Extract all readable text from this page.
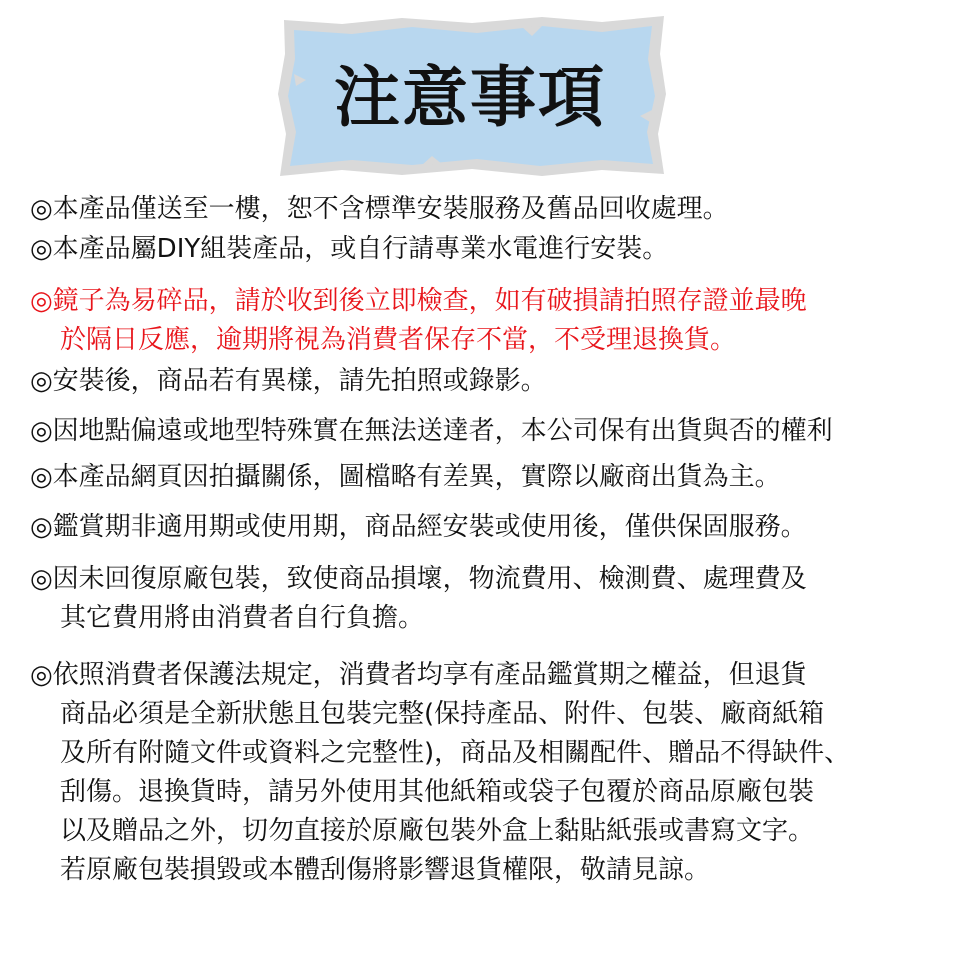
注意事項
◎本產品僅送至一樓，恕不含標準安裝服務及舊品回收處理。
◎本產品屬DIY組裝產品，或自行請專業水電進行安裝。
◎鏡子為易碎品，請於收到後立即檢查，如有破損請拍照存證並最晚
於隔日反應，逾期將視為消費者保存不當，不受理退換貨。
◎安裝後，商品若有異樣，請先拍照或錄影。
◎因地點偏遠或地型特殊實在無法送達者，本公司保有出貨與否的權利
◎本產品網頁因拍攝關係，圖檔略有差異，實際以廠商出貨為主。
◎鑑賞期非適用期或使用期，商品經安裝或使用後，僅供保固服務。
◎因未回復原廠包裝，致使商品損壞，物流費用、檢測費、處理費及
其它費用將由消費者自行負擔。
◎依照消費者保護法規定，消費者均享有產品鑑賞期之權益，但退貨
商品必須是全新狀態且包裝完整(保持產品、附件、包裝、廠商紙箱
及所有附隨文件或資料之完整性)，商品及相關配件、贈品不得缺件、
刮傷。退換貨時，請另外使用其他紙箱或袋子包覆於商品原廠包裝
以及贈品之外，切勿直接於原廠包裝外盒上黏貼紙張或書寫文字。
若原廠包裝損毀或本體刮傷將影響退貨權限，敬請見諒。
